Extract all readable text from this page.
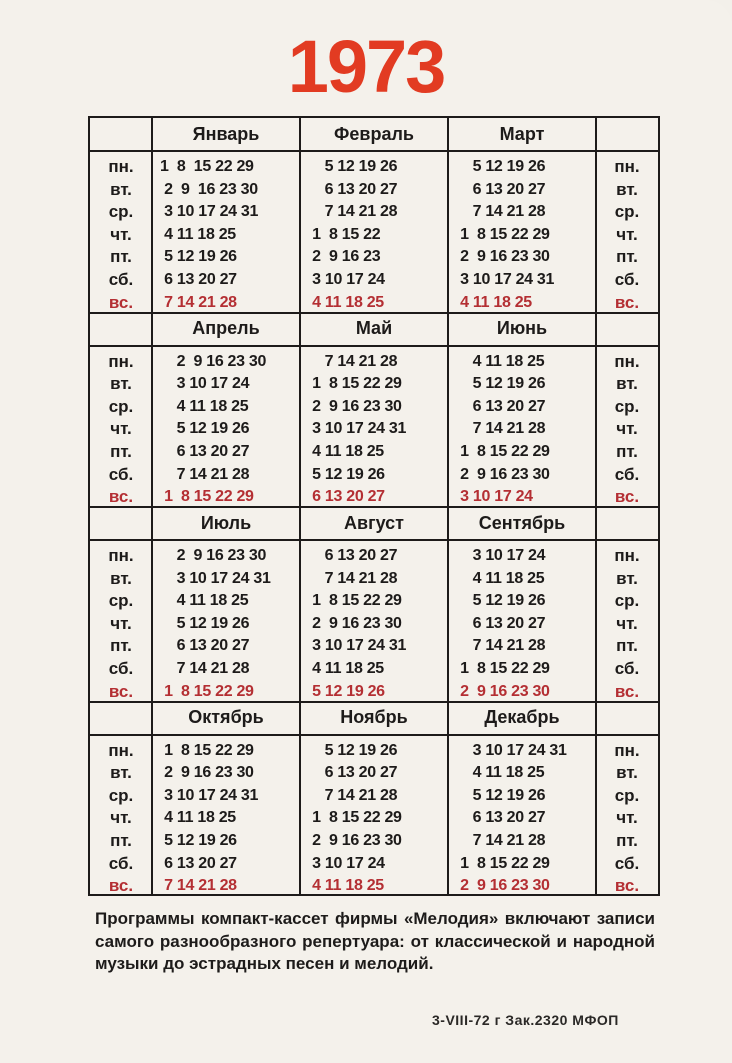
1973
пн.
вт.
ср.
чт.
пт.
сб.
вс.
пн.
вт.
ср.
чт.
пт.
сб.
вс.
Январь
1  8  15 22 29
2  9  16 23 30
3 10 17 24 31
4 11 18 25
5 12 19 26
6 13 20 27
7 14 21 28
Февраль
5 12 19 26
6 13 20 27
7 14 21 28
1  8 15 22
2  9 16 23
3 10 17 24
4 11 18 25
Март
5 12 19 26
6 13 20 27
7 14 21 28
1  8 15 22 29
2  9 16 23 30
3 10 17 24 31
4 11 18 25
пн.
вт.
ср.
чт.
пт.
сб.
вс.
пн.
вт.
ср.
чт.
пт.
сб.
вс.
Апрель
2  9 16 23 30
3 10 17 24
4 11 18 25
5 12 19 26
6 13 20 27
7 14 21 28
1  8 15 22 29
Май
7 14 21 28
1  8 15 22 29
2  9 16 23 30
3 10 17 24 31
4 11 18 25
5 12 19 26
6 13 20 27
Июнь
4 11 18 25
5 12 19 26
6 13 20 27
7 14 21 28
1  8 15 22 29
2  9 16 23 30
3 10 17 24
пн.
вт.
ср.
чт.
пт.
сб.
вс.
пн.
вт.
ср.
чт.
пт.
сб.
вс.
Июль
2  9 16 23 30
3 10 17 24 31
4 11 18 25
5 12 19 26
6 13 20 27
7 14 21 28
1  8 15 22 29
Август
6 13 20 27
7 14 21 28
1  8 15 22 29
2  9 16 23 30
3 10 17 24 31
4 11 18 25
5 12 19 26
Сентябрь
3 10 17 24
4 11 18 25
5 12 19 26
6 13 20 27
7 14 21 28
1  8 15 22 29
2  9 16 23 30
пн.
вт.
ср.
чт.
пт.
сб.
вс.
пн.
вт.
ср.
чт.
пт.
сб.
вс.
Октябрь
1  8 15 22 29
2  9 16 23 30
3 10 17 24 31
4 11 18 25
5 12 19 26
6 13 20 27
7 14 21 28
Ноябрь
5 12 19 26
6 13 20 27
7 14 21 28
1  8 15 22 29
2  9 16 23 30
3 10 17 24
4 11 18 25
Декабрь
3 10 17 24 31
4 11 18 25
5 12 19 26
6 13 20 27
7 14 21 28
1  8 15 22 29
2  9 16 23 30
Программы компакт-кассет фирмы «Мелодия» включают записи самого разнообразного репертуара: от классической и народной музыки до эстрадных песен и мелодий.
3-VIII-72 г Зак.2320 МФОП
